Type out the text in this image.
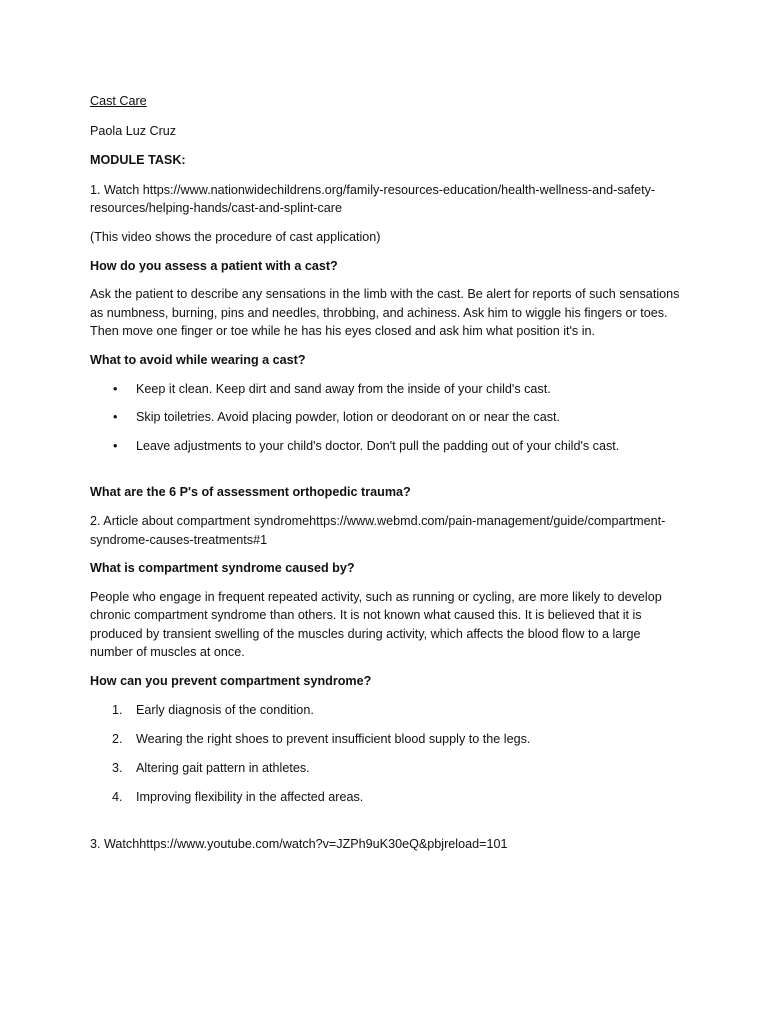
Cast Care

Paola Luz Cruz

MODULE TASK:

1. Watch https://www.nationwidechildrens.org/family-resources-education/health-wellness-and-safety-resources/helping-hands/cast-and-splint-care

(This video shows the procedure of cast application)

How do you assess a patient with a cast?

Ask the patient to describe any sensations in the limb with the cast. Be alert for reports of such sensations as numbness, burning, pins and needles, throbbing, and achiness. Ask him to wiggle his fingers or toes. Then move one finger or toe while he has his eyes closed and ask him what position it's in.

What to avoid while wearing a cast?

• Keep it clean. Keep dirt and sand away from the inside of your child's cast.
• Skip toiletries. Avoid placing powder, lotion or deodorant on or near the cast.
• Leave adjustments to your child's doctor. Don't pull the padding out of your child's cast.

What are the 6 P's of assessment orthopedic trauma?

2. Article about compartment syndromehttps://www.webmd.com/pain-management/guide/compartment-syndrome-causes-treatments#1

What is compartment syndrome caused by?

People who engage in frequent repeated activity, such as running or cycling, are more likely to develop chronic compartment syndrome than others. It is not known what caused this. It is believed that it is produced by transient swelling of the muscles during activity, which affects the blood flow to a large number of muscles at once.

How can you prevent compartment syndrome?

1. Early diagnosis of the condition.
2. Wearing the right shoes to prevent insufficient blood supply to the legs.
3. Altering gait pattern in athletes.
4. Improving flexibility in the affected areas.

3. Watchhttps://www.youtube.com/watch?v=JZPh9uK30eQ&pbjreload=101
